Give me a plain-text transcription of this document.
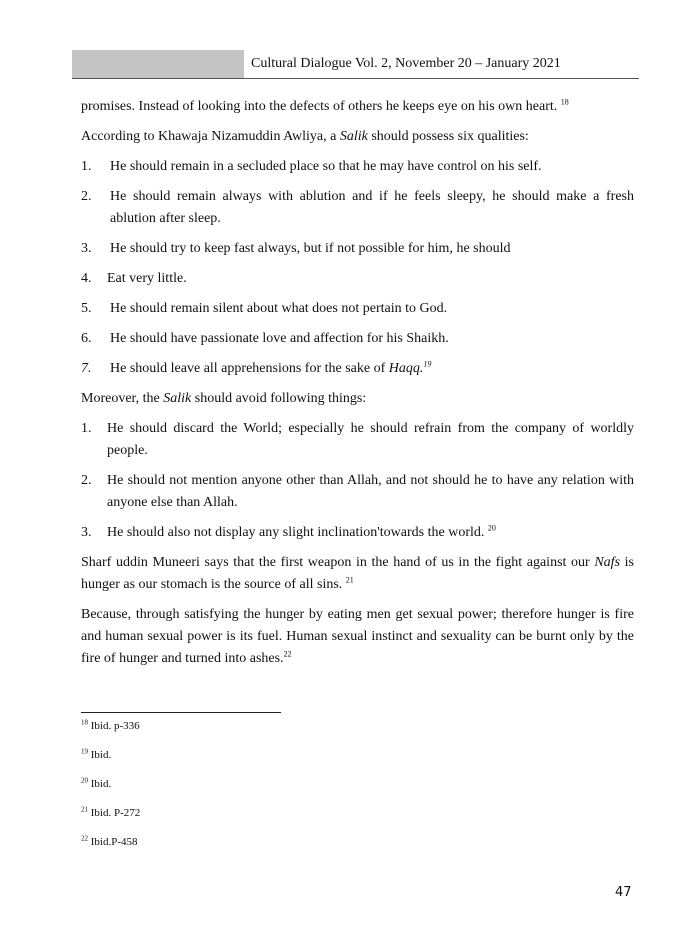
Cultural Dialogue Vol. 2, November 20 – January 2021

promises. Instead of looking into the defects of others he keeps eye on his own heart. $^{18}$

According to Khawaja Nizamuddin Awliya, a Salik should possess six qualities:

1.	He should remain in a secluded place so that he may have control on his self.
2.	He should remain always with ablution and if he feels sleepy, he should make a fresh ablution after sleep.
3.	He should try to keep fast always, but if not possible for him, he should
4.	Eat very little.
5.	He should remain silent about what does not pertain to God.
6.	He should have passionate love and affection for his Shaikh.
7.	He should leave all apprehensions for the sake of Haqq.$^{19}$

Moreover, the Salik should avoid following things:

1.	He should discard the World; especially he should refrain from the company of worldly people.
2.	He should not mention anyone other than Allah, and not should he to have any relation with anyone else than Allah.
3.	He should also not display any slight inclination'towards the world. $^{20}$

Sharf uddin Muneeri says that the first weapon in the hand of us in the fight against our Nafs is hunger as our stomach is the source of all sins. $^{21}$

Because, through satisfying the hunger by eating men get sexual power; therefore hunger is fire and human sexual power is its fuel. Human sexual instinct and sexuality can be burnt only by the fire of hunger and turned into ashes.$^{22}$

$^{18}$ Ibid. p-336
$^{19}$ Ibid.
$^{20}$ Ibid.
$^{21}$ Ibid. P-272
$^{22}$ Ibid.P-458
47
